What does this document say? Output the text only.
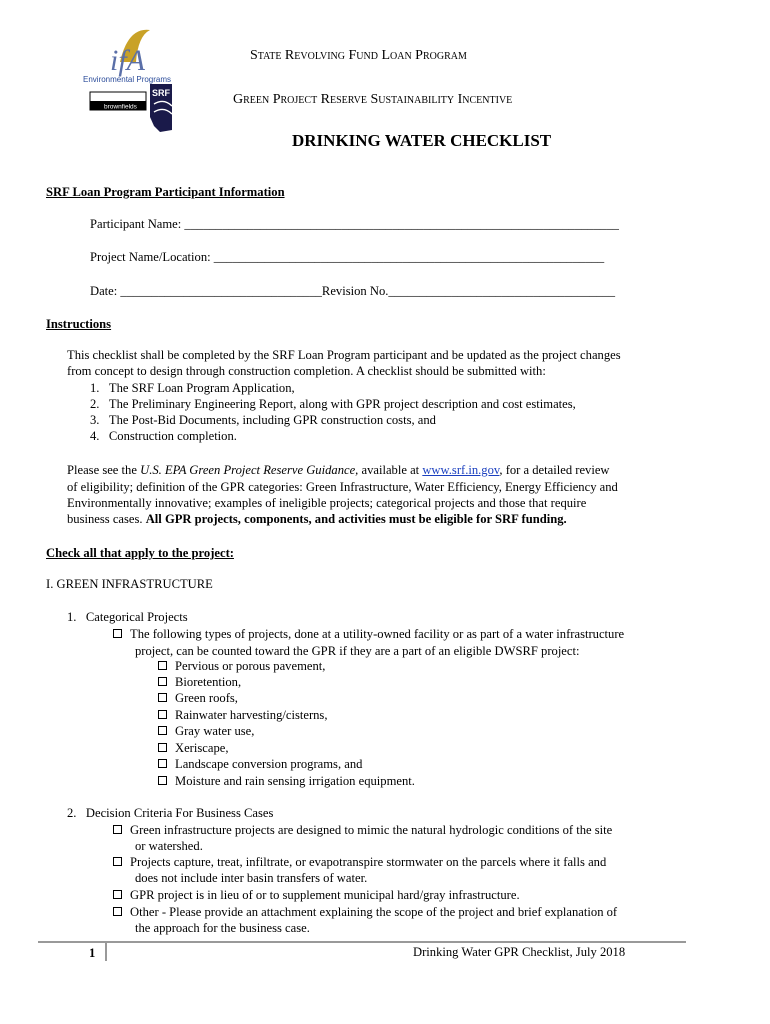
ifA
Environmental Programs
brownfields
SRF
State Revolving Fund Loan Program
Green Project Reserve Sustainability Incentive
DRINKING WATER CHECKLIST
SRF Loan Program Participant Information
Participant Name: _____________________________________________________________________
Project Name/Location: ______________________________________________________________
Date: ________________________________Revision No.____________________________________
Instructions
This checklist shall be completed by the SRF Loan Program participant and be updated as the project changes
from concept to design through construction completion. A checklist should be submitted with:
1. The SRF Loan Program Application,
2. The Preliminary Engineering Report, along with GPR project description and cost estimates,
3. The Post-Bid Documents, including GPR construction costs, and
4. Construction completion.
Please see the U.S. EPA Green Project Reserve Guidance, available at www.srf.in.gov, for a detailed review
of eligibility; definition of the GPR categories: Green Infrastructure, Water Efficiency, Energy Efficiency and
Environmentally innovative; examples of ineligible projects; categorical projects and those that require
business cases. All GPR projects, components, and activities must be eligible for SRF funding.
Check all that apply to the project:
I. GREEN INFRASTRUCTURE
1. Categorical Projects
The following types of projects, done at a utility-owned facility or as part of a water infrastructure
project, can be counted toward the GPR if they are a part of an eligible DWSRF project:
Pervious or porous pavement,
Bioretention,
Green roofs,
Rainwater harvesting/cisterns,
Gray water use,
Xeriscape,
Landscape conversion programs, and
Moisture and rain sensing irrigation equipment.
2. Decision Criteria For Business Cases
Green infrastructure projects are designed to mimic the natural hydrologic conditions of the site
or watershed.
Projects capture, treat, infiltrate, or evapotranspire stormwater on the parcels where it falls and
does not include inter basin transfers of water.
GPR project is in lieu of or to supplement municipal hard/gray infrastructure.
Other - Please provide an attachment explaining the scope of the project and brief explanation of
the approach for the business case.
1	Drinking Water GPR Checklist, July 2018
